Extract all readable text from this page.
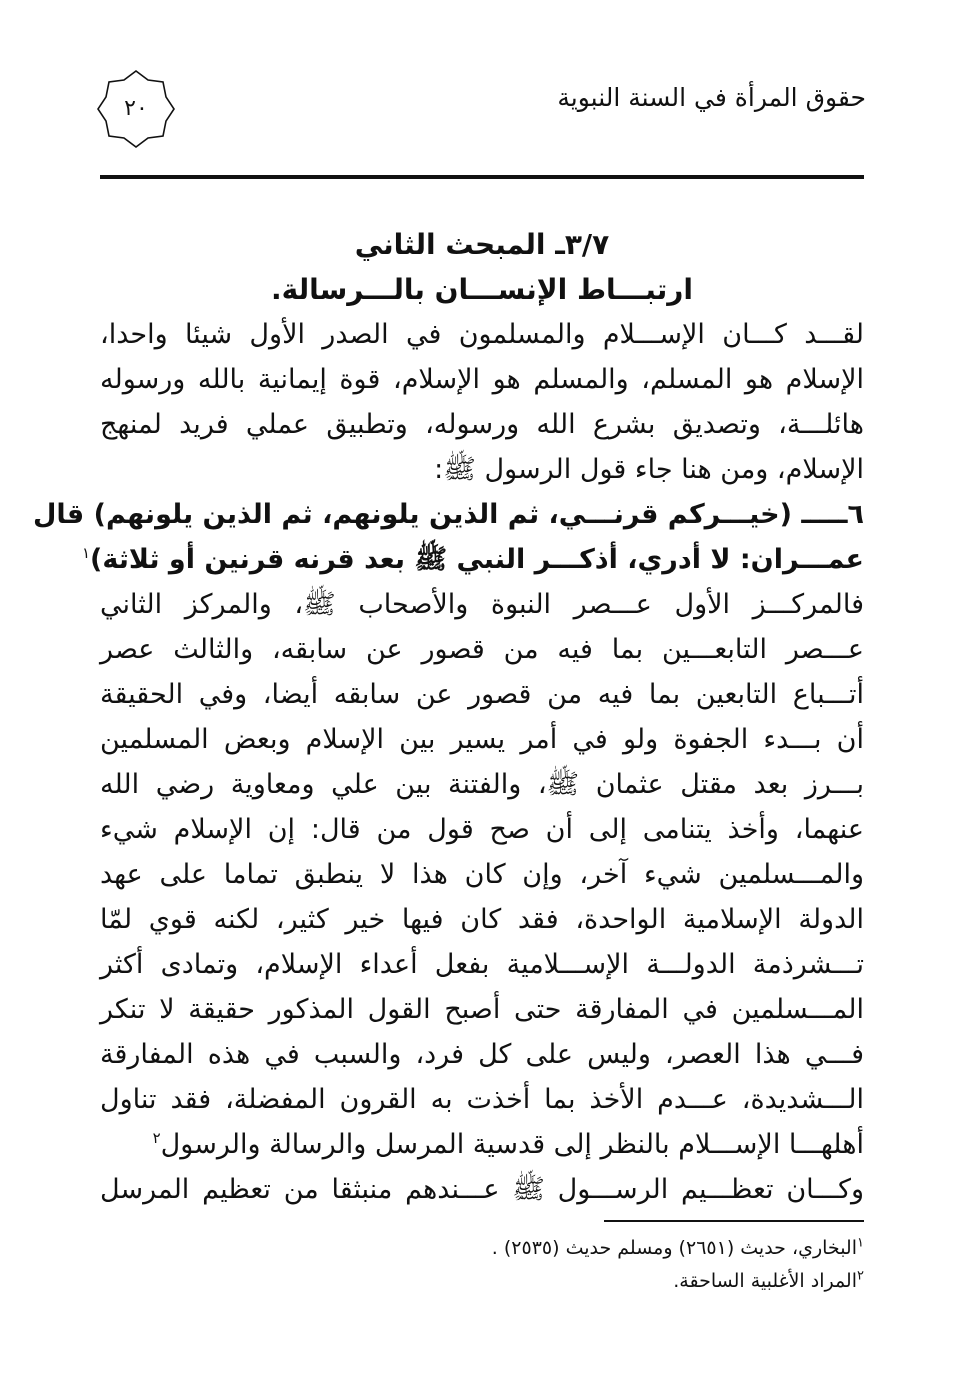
حقوق المرأة في السنة النبوية
٢٠
٣/٧ـ المبحث الثاني
ارتبـــاط الإنســـان بالـــرسالة.
لقـــد كـــان الإســـلام والمسلمون في الصدر الأول شيئا واحدا،
الإسلام هو المسلم، والمسلم هو الإسلام، قوة إيمانية بالله ورسوله
هائلـــة، وتصديق بشرع الله ورسوله، وتطبيق عملي فريد لمنهج
الإسلام، ومن هنا جاء قول الرسول ﷺ:
٦ـــــ (خيـــركم قرنـــي، ثم الذين يلونهم، ثم الذين يلونهم) قال
عمـــران: لا أدري، أذكـــر النبي ﷺ بعد قرنه قرنين أو ثلاثة)$^١$
فالمركـــز الأول عـــصر النبوة والأصحاب ﷺ، والمركز الثاني
عـــصر التابعـــين بما فيه من قصور عن سابقه، والثالث عصر
أتـــباع التابعين بما فيه من قصور عن سابقه أيضا، وفي الحقيقة
أن بـــدء الجفوة ولو في أمر يسير بين الإسلام وبعض المسلمين
بـــرز بعد مقتل عثمان ﷺ، والفتنة بين علي ومعاوية رضي الله
عنهما، وأخذ يتنامى إلى أن صح قول من قال: إن الإسلام شيء
والمـــسلمين شيء آخر، وإن كان هذا لا ينطبق تماما على عهد
الدولة الإسلامية الواحدة، فقد كان فيها خير كثير، لكنه قوي لمّا
تـــشرذمة الدولـــة الإســـلامية بفعل أعداء الإسلام، وتمادى أكثر
المـــسلمين في المفارقة حتى أصبح القول المذكور حقيقة لا تنكر
فـــي هذا العصر، وليس على كل فرد، والسبب في هذه المفارقة
الـــشديدة، عـــدم الأخذ بما أخذت به القرون المفضلة، فقد تناول
أهلهـــا الإســـلام بالنظر إلى قدسية المرسل والرسالة والرسول$^٢$
وكـــان تعظـــيم الرســـول ﷺ عـــندهم منبثقا من تعظيم المرسل
$^١$البخاري، حديث (٢٦٥١) ومسلم حديث (٢٥٣٥) .
$^٢$المراد الأغلبية الساحقة.
